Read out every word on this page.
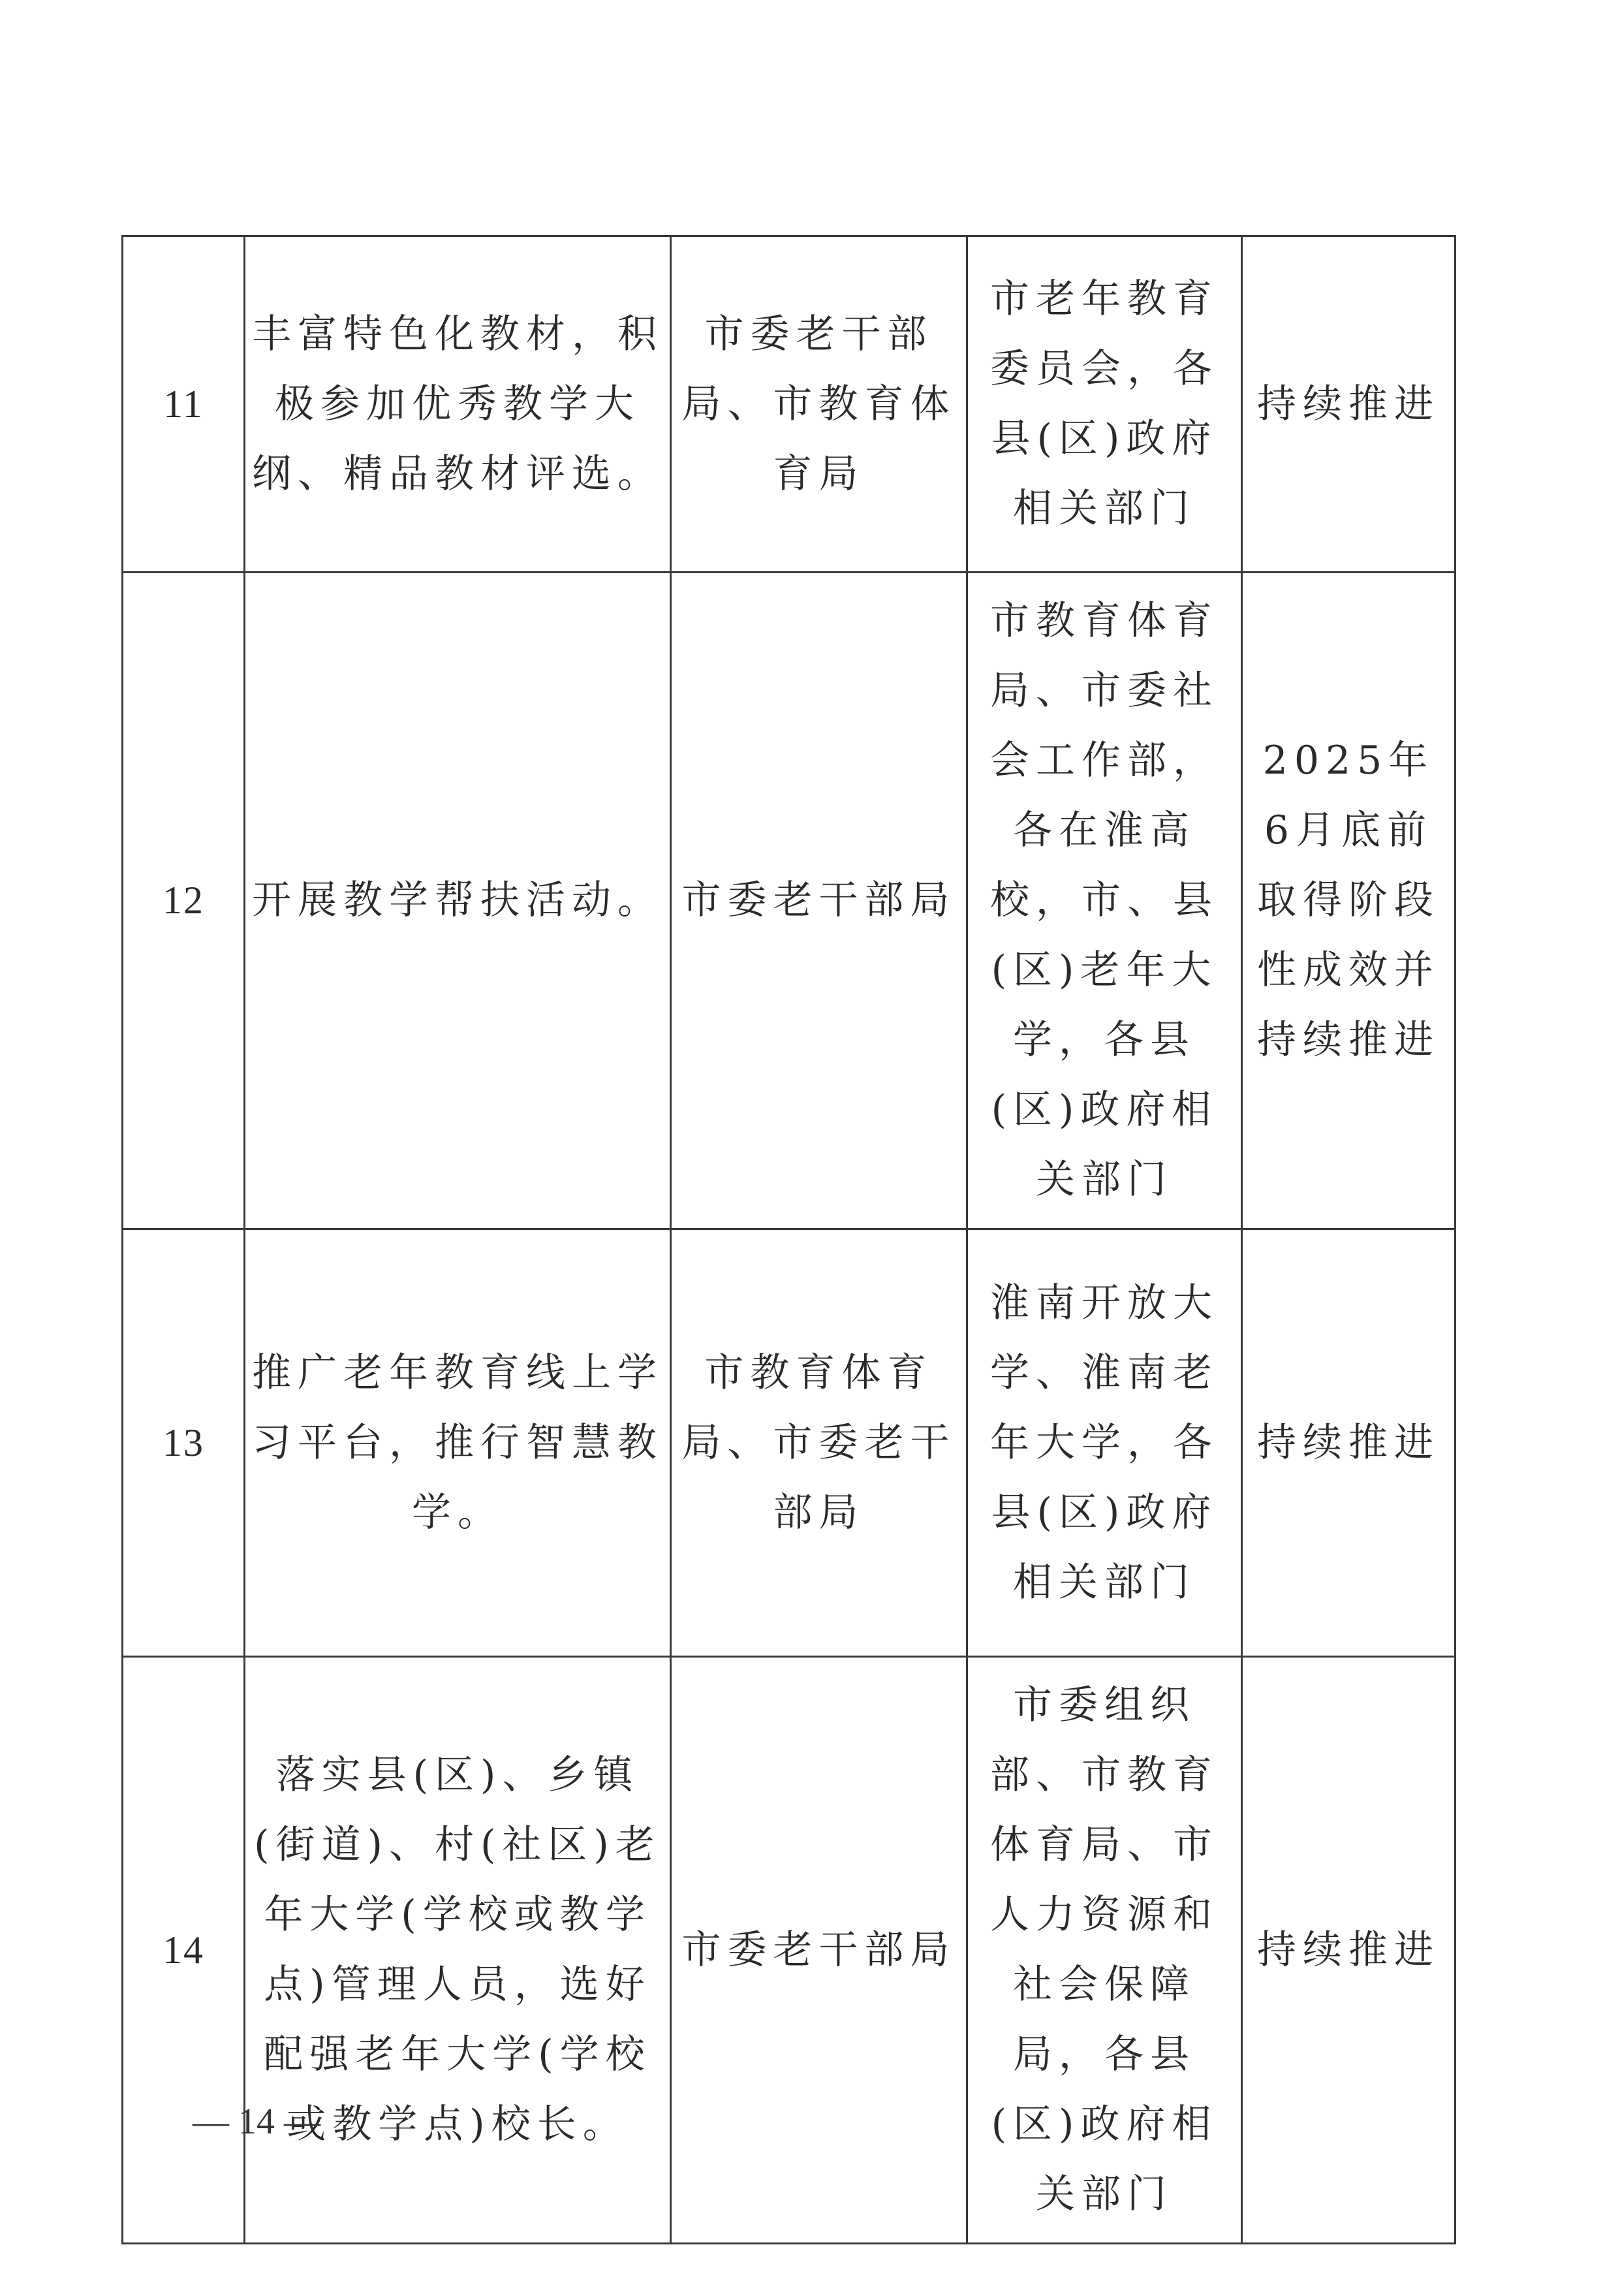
11	丰富特色化教材，积极参加优秀教学大纲、精品教材评选。	市委老干部局、市教育体育局	市老年教育委员会，各县(区)政府相关部门	持续推进
12	开展教学帮扶活动。	市委老干部局	市教育体育局、市委社会工作部，各在淮高校，市、县(区)老年大学，各县(区)政府相关部门	2025年6月底前取得阶段性成效并持续推进
13	推广老年教育线上学习平台，推行智慧教学。	市教育体育局、市委老干部局	淮南开放大学、淮南老年大学，各县(区)政府相关部门	持续推进
14	落实县(区)、乡镇(街道)、村(社区)老年大学(学校或教学点)管理人员，选好配强老年大学(学校或教学点)校长。	市委老干部局	市委组织部、市教育体育局、市人力资源和社会保障局，各县(区)政府相关部门	持续推进
— 14 —
